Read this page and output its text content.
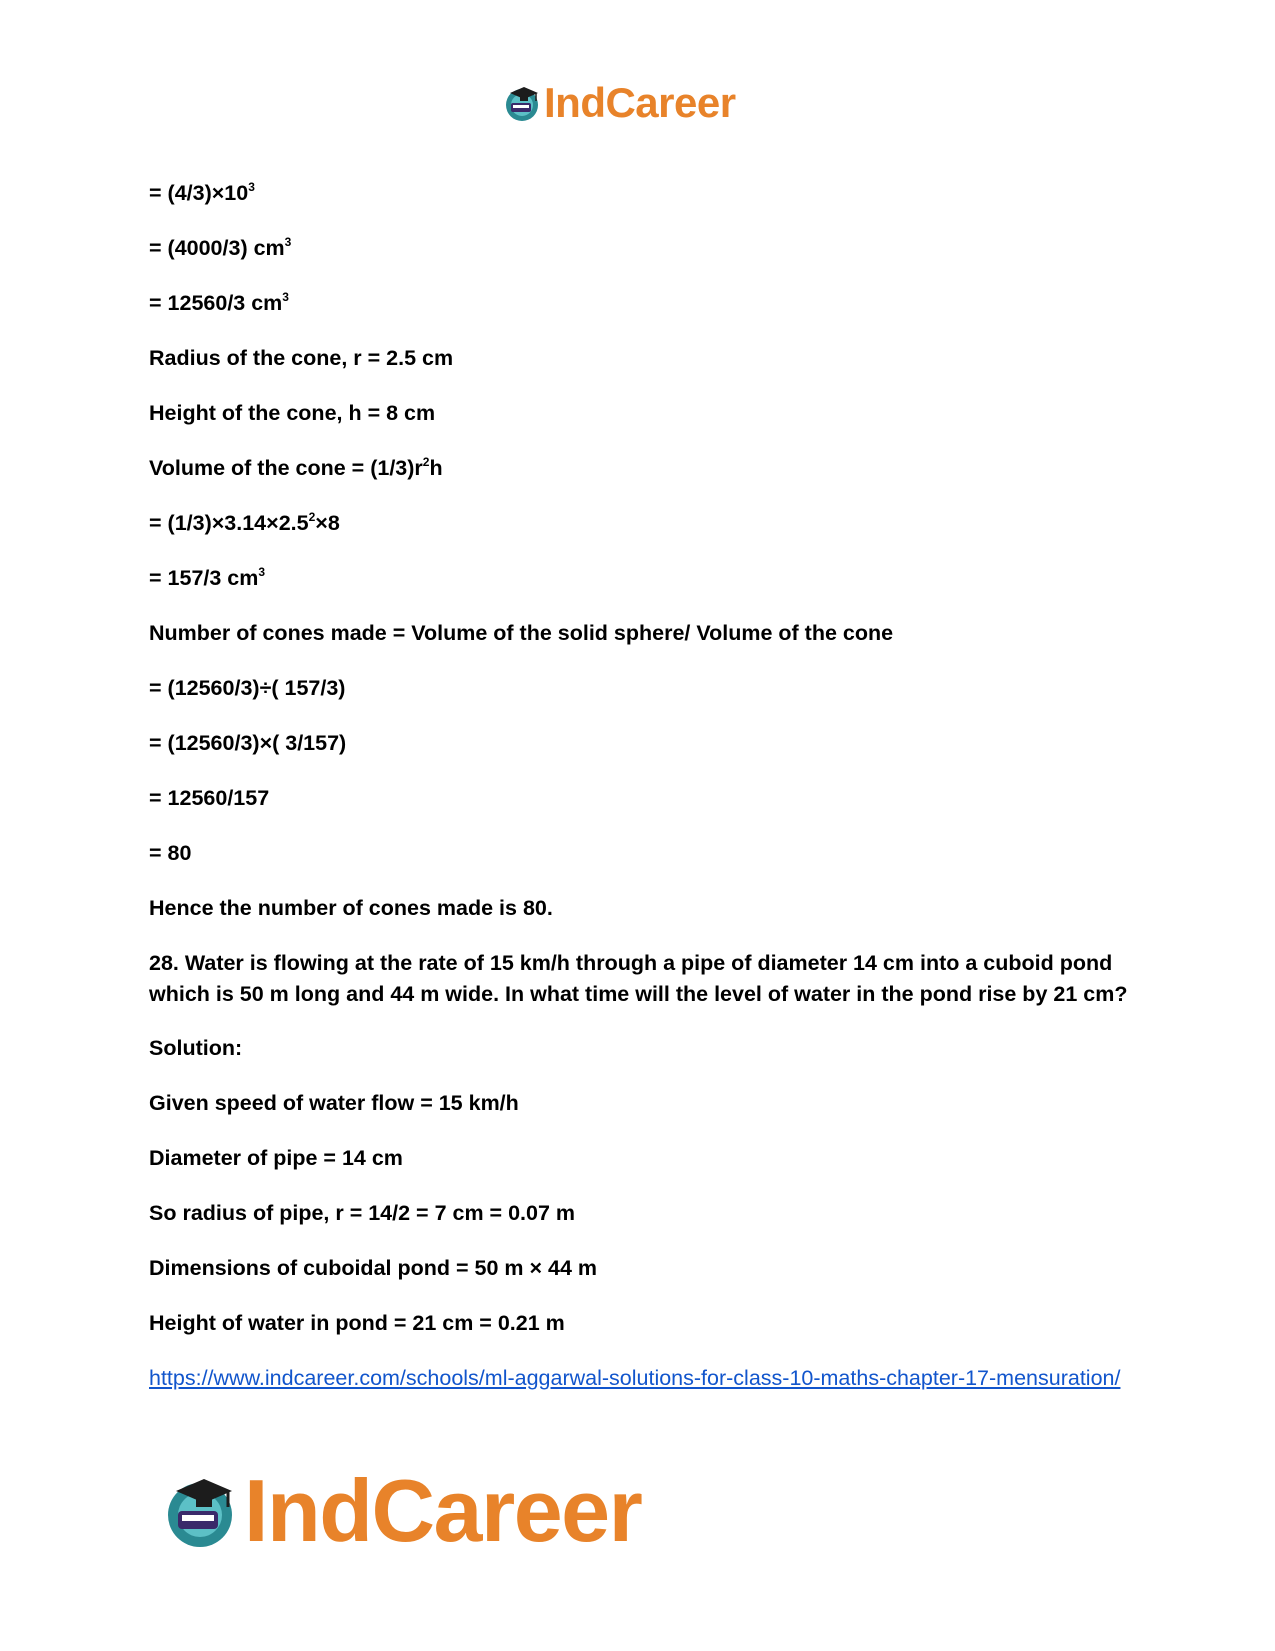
IndCareer
= $(4/3)\times 10^3$
= (4000/3) $cm^3$
= 12560/3 $cm^3$
Radius of the cone, r = 2.5 cm
Height of the cone, h = 8 cm
Volume of the cone = $(1/3)r^2h$
= $(1/3)\times 3.14\times 2.5^2\times 8$
= 157/3 $cm^3$
Number of cones made = Volume of the solid sphere/ Volume of the cone
= (12560/3)÷( 157/3)
= (12560/3)×( 3/157)
= 12560/157
= 80
Hence the number of cones made is 80.
28. Water is flowing at the rate of 15 km/h through a pipe of diameter 14 cm into a cuboid pond which is 50 m long and 44 m wide. In what time will the level of water in the pond rise by 21 cm?
Solution:
Given speed of water flow = 15 km/h
Diameter of pipe = 14 cm
So radius of pipe, r = 14/2 = 7 cm = 0.07 m
Dimensions of cuboidal pond = 50 m × 44 m
Height of water in pond = 21 cm = 0.21 m
https://www.indcareer.com/schools/ml-aggarwal-solutions-for-class-10-maths-chapter-17-mensuration/
IndCareer
